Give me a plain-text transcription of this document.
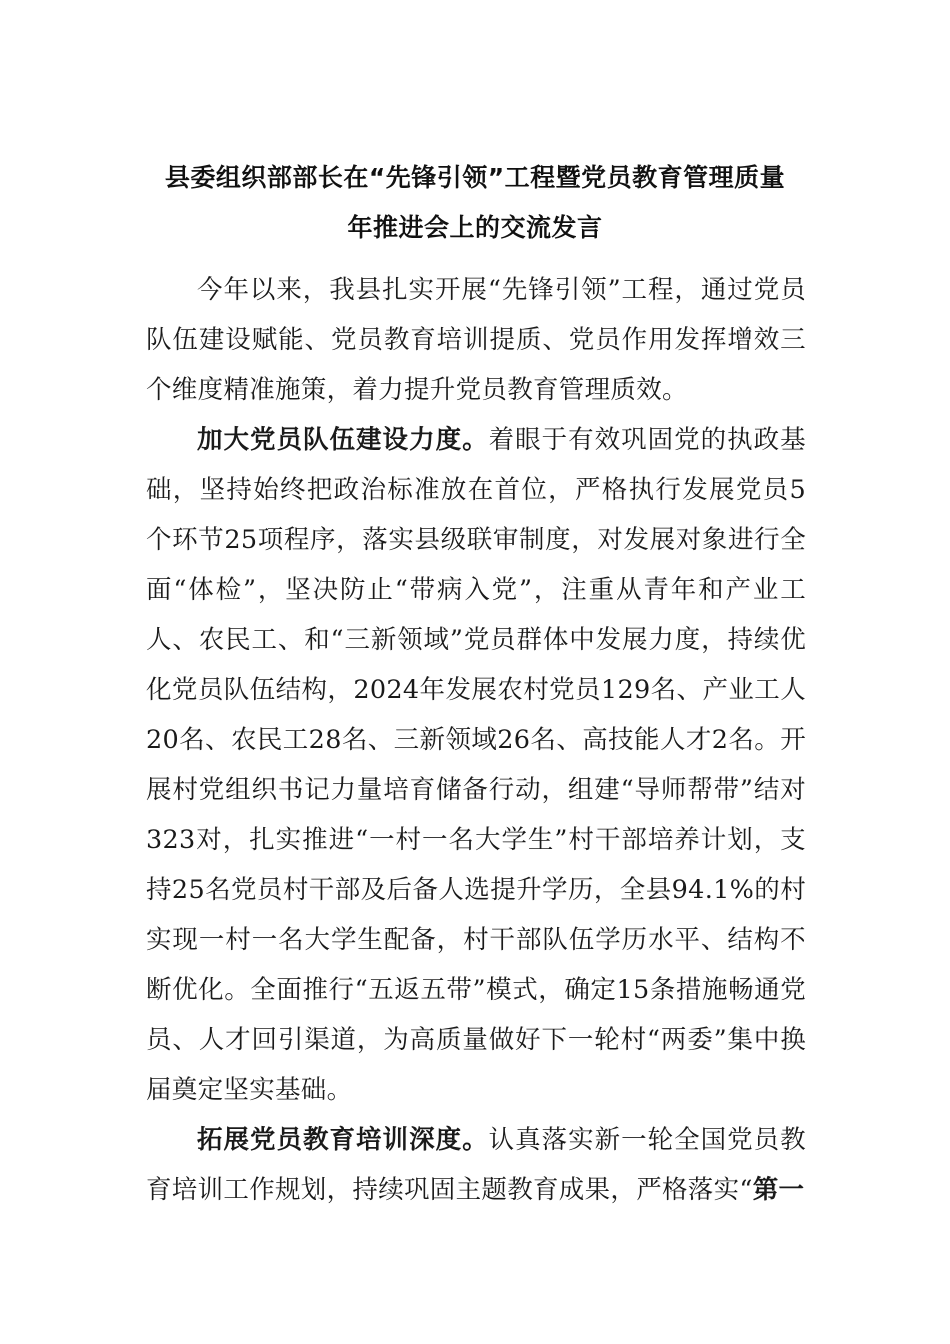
县委组织部部长在“先锋引领”工程暨党员教育管理质量
年推进会上的交流发言

今年以来，我县扎实开展“先锋引领”工程，通过党员队伍建设赋能、党员教育培训提质、党员作用发挥增效三个维度精准施策，着力提升党员教育管理质效。

加大党员队伍建设力度。着眼于有效巩固党的执政基础，坚持始终把政治标准放在首位，严格执行发展党员5个环节25项程序，落实县级联审制度，对发展对象进行全面“体检”，坚决防止“带病入党”，注重从青年和产业工人、农民工、和“三新领域”党员群体中发展力度，持续优化党员队伍结构，2024年发展农村党员129名、产业工人20名、农民工28名、三新领域26名、高技能人才2名。开展村党组织书记力量培育储备行动，组建“导师帮带”结对323对，扎实推进“一村一名大学生”村干部培养计划，支持25名党员村干部及后备人选提升学历，全县94.1%的村实现一村一名大学生配备，村干部队伍学历水平、结构不断优化。全面推行“五返五带”模式，确定15条措施畅通党员、人才回引渠道，为高质量做好下一轮村“两委”集中换届奠定坚实基础。

拓展党员教育培训深度。认真落实新一轮全国党员教育培训工作规划，持续巩固主题教育成果，严格落实“第一
